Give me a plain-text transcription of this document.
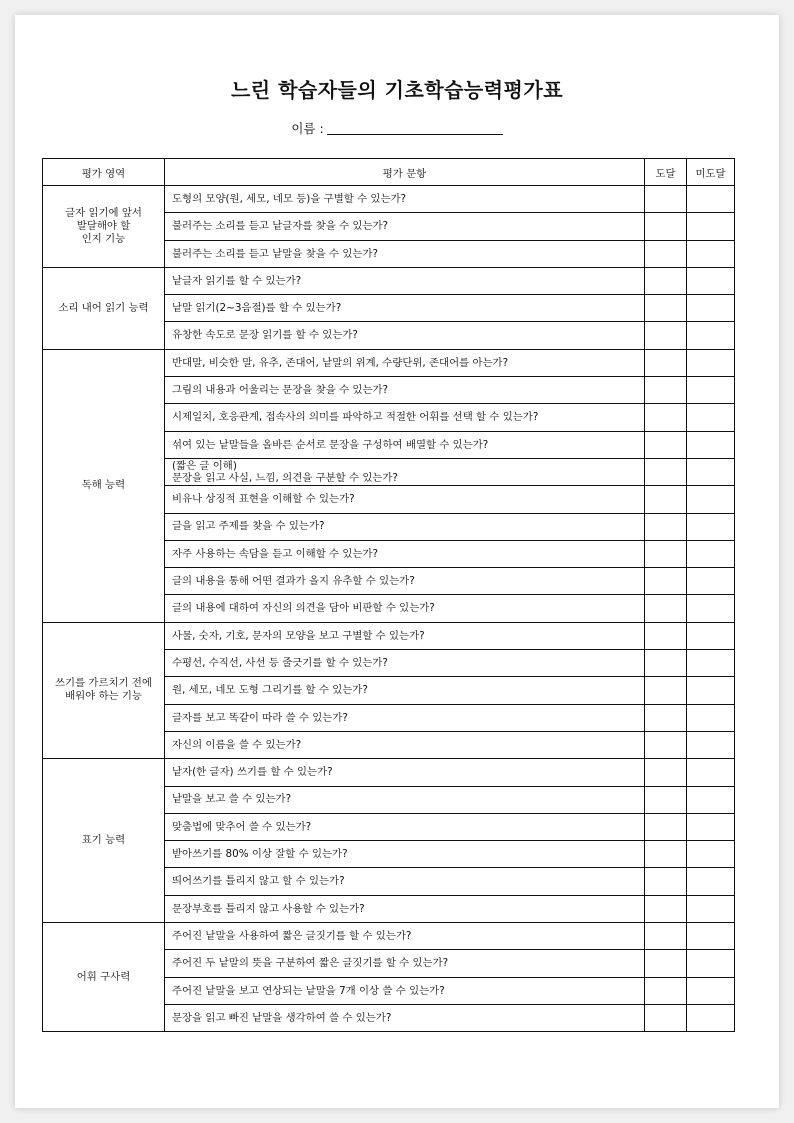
느린 학습자들의 기초학습능력평가표
이름 :
평가 영역	평가 문항	도달	미도달
글자 읽기에 앞서
발달해야 할
인지 기능	도형의 모양(원, 세모, 네모 등)을 구별할 수 있는가?		
	불러주는 소리를 듣고 낱글자를 찾을 수 있는가?		
	불러주는 소리를 듣고 낱말을 찾을 수 있는가?		
소리 내어 읽기 능력	낱글자 읽기를 할 수 있는가?		
	낱말 읽기(2~3음절)를 할 수 있는가?		
	유창한 속도로 문장 읽기를 할 수 있는가?		
독해 능력	반대말, 비슷한 말, 유추, 존대어, 낱말의 위계, 수량단위, 존대어를 아는가?		
	그림의 내용과 어울리는 문장을 찾을 수 있는가?		
	시제일치, 호응관계, 접속사의 의미를 파악하고 적절한 어휘를 선택 할 수 있는가?		
	섞여 있는 낱말들을 올바른 순서로 문장을 구성하여 배열할 수 있는가?		
	(짧은 글 이해)
문장을 읽고 사실, 느낌, 의견을 구분할 수 있는가?		
	비유나 상징적 표현을 이해할 수 있는가?		
	글을 읽고 주제를 찾을 수 있는가?		
	자주 사용하는 속담을 듣고 이해할 수 있는가?		
	글의 내용을 통해 어떤 결과가 올지 유추할 수 있는가?		
	글의 내용에 대하여 자신의 의견을 담아 비판할 수 있는가?		
쓰기를 가르치기 전에
배워야 하는 기능	사물, 숫자, 기호, 문자의 모양을 보고 구별할 수 있는가?		
	수평선, 수직선, 사선 등 줄긋기를 할 수 있는가?		
	원, 세모, 네모 도형 그리기를 할 수 있는가?		
	글자를 보고 똑같이 따라 쓸 수 있는가?		
	자신의 이름을 쓸 수 있는가?		
표기 능력	낱자(한 글자) 쓰기를 할 수 있는가?		
	낱말을 보고 쓸 수 있는가?		
	맞춤법에 맞추어 쓸 수 있는가?		
	받아쓰기를 80% 이상 잘할 수 있는가?		
	띄어쓰기를 틀리지 않고 할 수 있는가?		
	문장부호를 틀리지 않고 사용할 수 있는가?		
어휘 구사력	주어진 낱말을 사용하여 짧은 글짓기를 할 수 있는가?		
	주어진 두 낱말의 뜻을 구분하여 짧은 글짓기를 할 수 있는가?		
	주어진 낱말을 보고 연상되는 낱말을 7개 이상 쓸 수 있는가?		
	문장을 읽고 빠진 낱말을 생각하여 쓸 수 있는가?		
